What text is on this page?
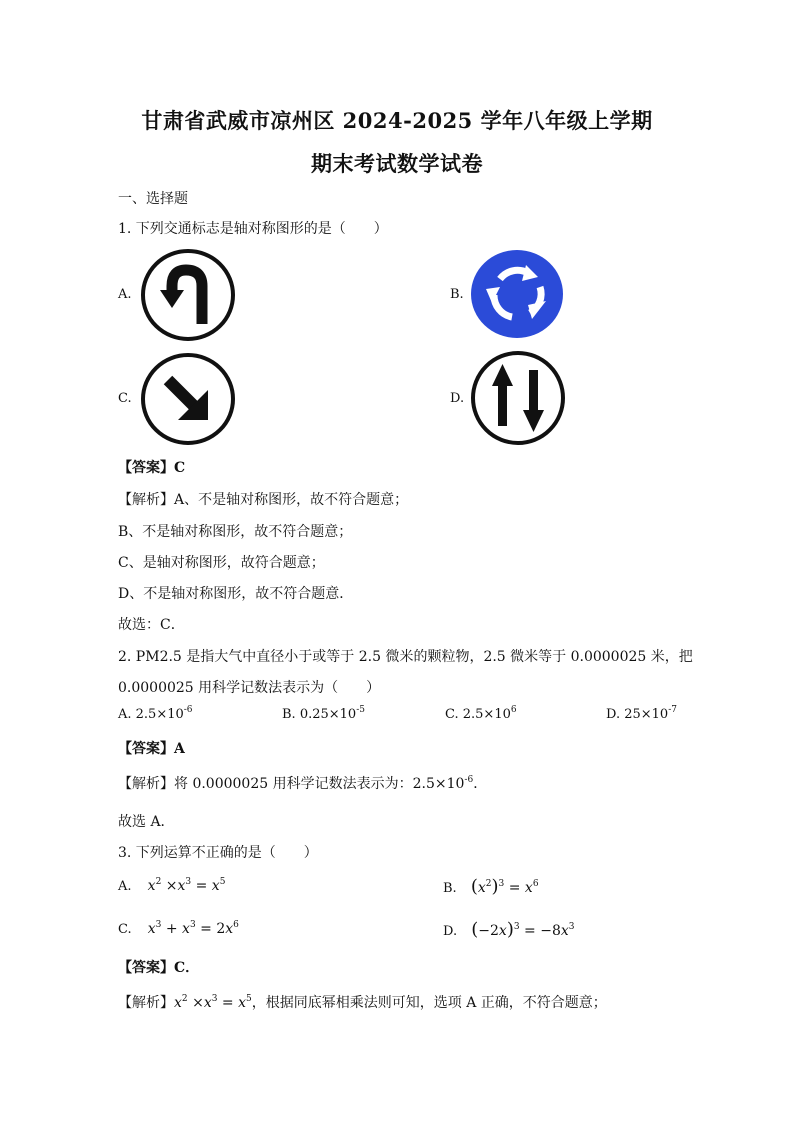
甘肃省武威市凉州区 2024-2025 学年八年级上学期
期末考试数学试卷
一、选择题
1. 下列交通标志是轴对称图形的是（　　）
A.	B.
C.	D.
【答案】C
【解析】A、不是轴对称图形，故不符合题意；
B、不是轴对称图形，故不符合题意；
C、是轴对称图形，故符合题意；
D、不是轴对称图形，故不符合题意．
故选：C．
2. PM2.5 是指大气中直径小于或等于 2.5 微米的颗粒物，2.5 微米等于 0.0000025 米，把
0.0000025 用科学记数法表示为（　　）
A. $2.5\times 10^{-6}$	B. $0.25\times 10^{-5}$	C. $2.5\times 10^6$	D. $25\times 10^{-7}$
【答案】A
【解析】将 0.0000025 用科学记数法表示为：$2.5\times 10^{-6}$．
故选 A．
3. 下列运算不正确的是（　　）
A. $x^2 \times x^3 = x^5$	B. $(x^2)^3 = x^6$
C. $x^3 + x^3 = 2x^6$	D. $(-2x)^3 = -8x^3$
【答案】C．
【解析】$x^2 \times x^3 = x^5$，根据同底幂相乘法则可知，选项 A 正确，不符合题意；
